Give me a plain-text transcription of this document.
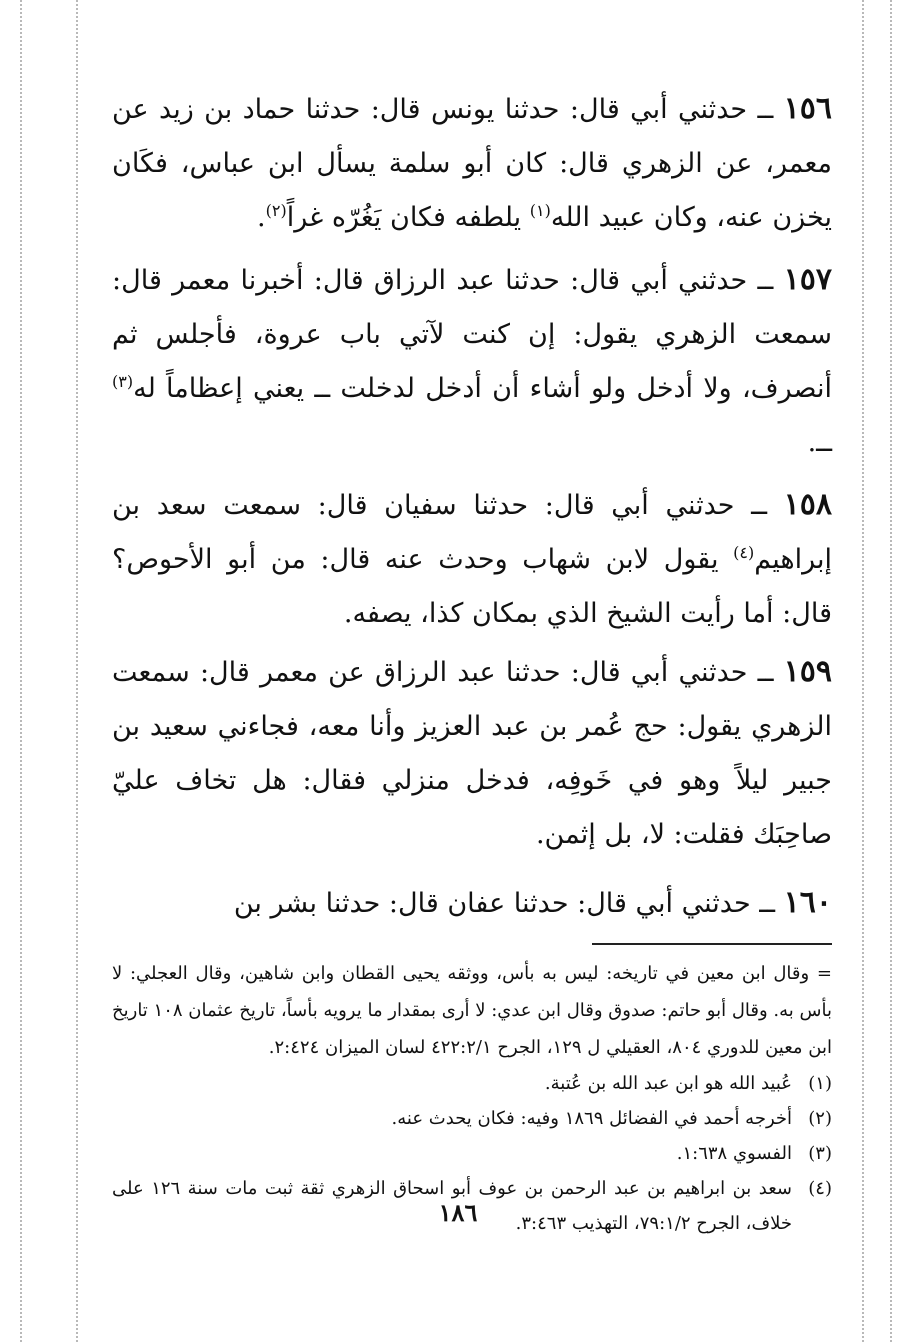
١٥٦ ــ حدثني أبي قال: حدثنا يونس قال: حدثنا حماد بن زيد عن معمر، عن الزهري قال: كان أبو سلمة يسأل ابن عباس، فكَان يخزن عنه، وكان عبيد الله$^{(١)}$ يلطفه فكان يَغُرّه غراً$^{(٢)}$.

١٥٧ ــ حدثني أبي قال: حدثنا عبد الرزاق قال: أخبرنا معمر قال: سمعت الزهري يقول: إن كنت لآتي باب عروة، فأجلس ثم أنصرف، ولا أدخل ولو أشاء أن أدخل لدخلت ــ يعني إعظاماً له$^{(٣)}$ ــ.

١٥٨ ــ حدثني أبي قال: حدثنا سفيان قال: سمعت سعد بن إبراهيم$^{(٤)}$ يقول لابن شهاب وحدث عنه قال: من أبو الأحوص؟ قال: أما رأيت الشيخ الذي بمكان كذا، يصفه.

١٥٩ ــ حدثني أبي قال: حدثنا عبد الرزاق عن معمر قال: سمعت الزهري يقول: حج عُمر بن عبد العزيز وأنا معه، فجاءني سعيد بن جبير ليلاً وهو في خَوفِه، فدخل منزلي فقال: هل تخاف عليّ صاحِبَك فقلت: لا، بل إثمن.

١٦٠ ــ حدثني أبي قال: حدثنا عفان قال: حدثنا بشر بن

= وقال ابن معين في تاريخه: ليس به بأس، ووثقه يحيى القطان وابن شاهين، وقال العجلي: لا بأس به. وقال أبو حاتم: صدوق وقال ابن عدي: لا أرى بمقدار ما يرويه بأساً، تاريخ عثمان ١٠٨ تاريخ ابن معين للدوري ٨٠٤، العقيلي ل ١٢٩، الجرح ٤٢٢:٢/١ لسان الميزان ٢:٤٢٤.

(١)
عُبيد الله هو ابن عبد الله بن عُتبة.
(٢)
أخرجه أحمد في الفضائل ١٨٦٩ وفيه: فكان يحدث عنه.
(٣)
الفسوي ١:٦٣٨.
(٤)
سعد بن ابراهيم بن عبد الرحمن بن عوف أبو اسحاق الزهري ثقة ثبت مات سنة ١٢٦ على خلاف، الجرح ٧٩:١/٢، التهذيب ٣:٤٦٣.
١٨٦
